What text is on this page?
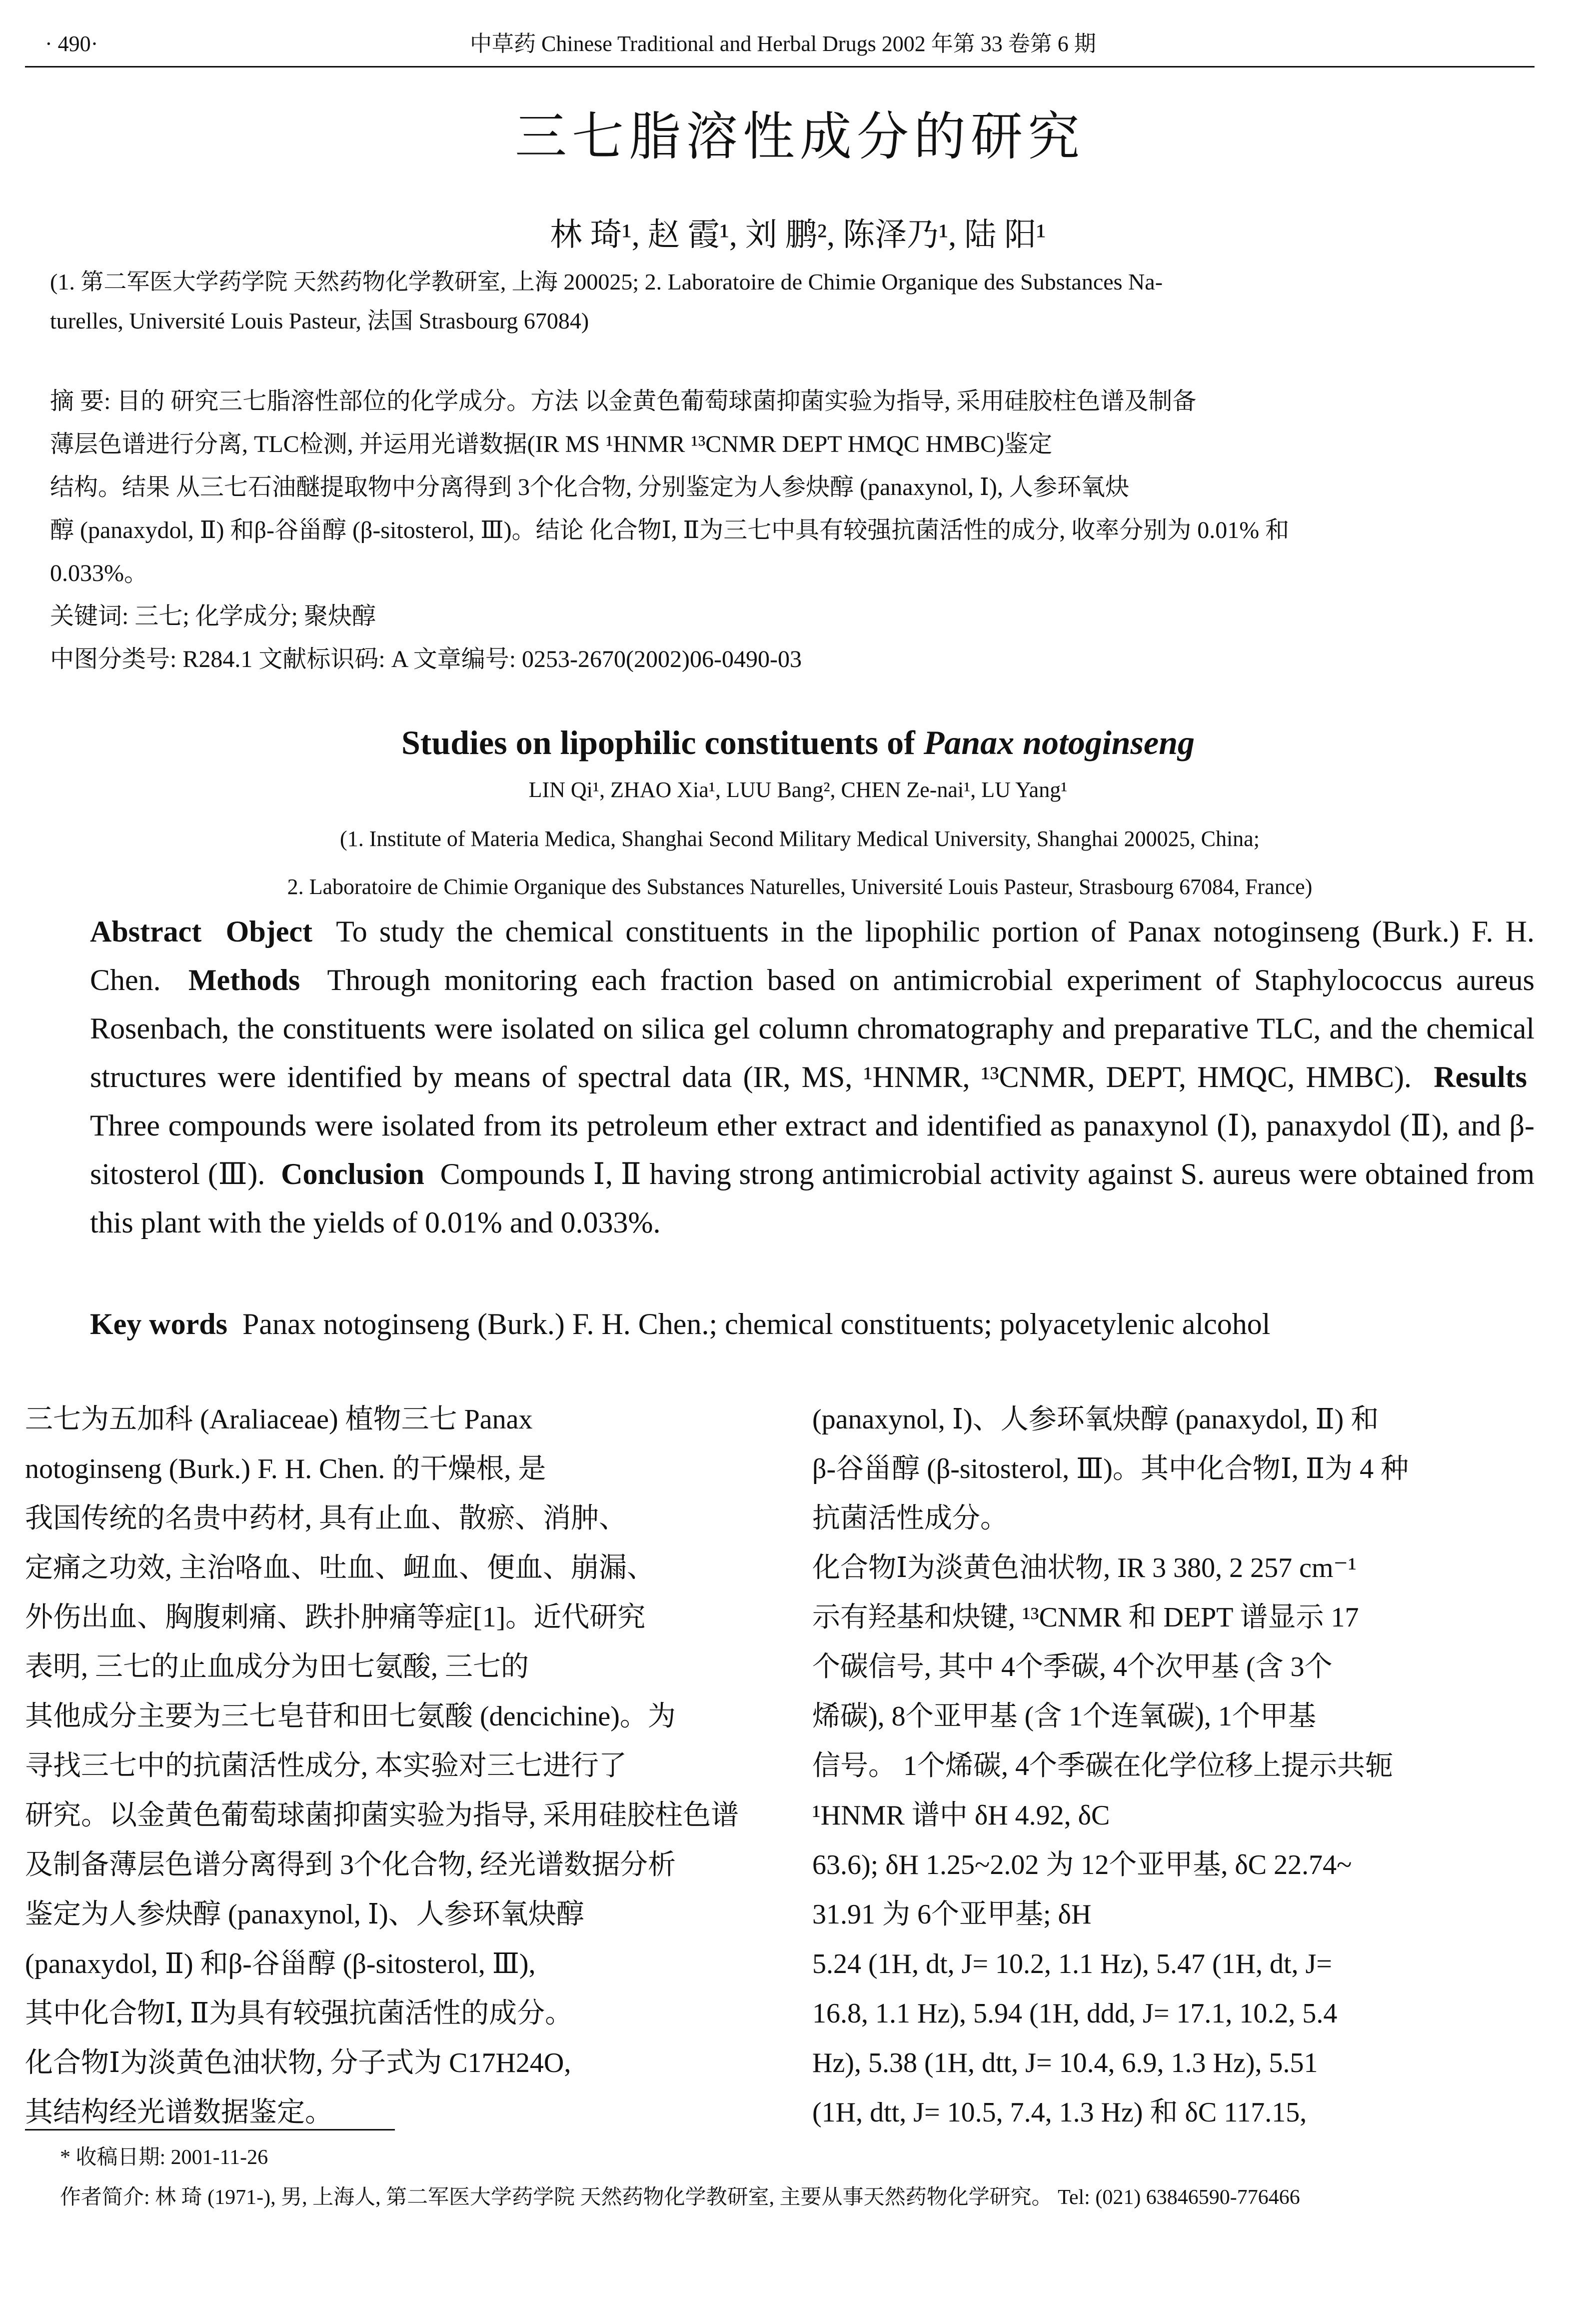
· 490·	中草药 Chinese Traditional and Herbal Drugs 2002 年第 33 卷第 6 期
三七脂溶性成分的研究
林 琦¹, 赵 霞¹, 刘 鹏², 陈泽乃¹, 陆 阳¹
(1. 第二军医大学药学院 天然药物化学教研室, 上海 200025; 2. Laboratoire de Chimie Organique des Substances Na-
turelles, Université Louis Pasteur, 法国 Strasbourg 67084)

摘 要: 目的 研究三七脂溶性部位的化学成分。方法 以金黄色葡萄球菌抑菌实验为指导, 采用硅胶柱色谱及制备

薄层色谱进行分离, TLC检测, 并运用光谱数据(IR MS ¹HNMR ¹³CNMR DEPT HMQC HMBC)鉴定

结构。结果 从三七石油醚提取物中分离得到 3个化合物, 分别鉴定为人参炔醇 (panaxynol, Ⅰ), 人参环氧炔

醇 (panaxydol, Ⅱ) 和β-谷甾醇 (β-sitosterol, Ⅲ)。结论 化合物Ⅰ, Ⅱ为三七中具有较强抗菌活性的成分, 收率分别为 0.01% 和

0.033%。

关键词: 三七; 化学成分; 聚炔醇

中图分类号: R284.1 文献标识码: A 文章编号: 0253-2670(2002)06-0490-03

Studies on lipophilic constituents of Panax notoginseng
LIN Qi¹, ZHAO Xia¹, LUU Bang², CHEN Ze-nai¹, LU Yang¹
(1. Institute of Materia Medica, Shanghai Second Military Medical University, Shanghai 200025, China;
2. Laboratoire de Chimie Organique des Substances Naturelles, Université Louis Pasteur, Strasbourg 67084, France)
Abstract Object To study the chemical constituents in the lipophilic portion of Panax notoginseng (Burk.) F. H. Chen. Methods Through monitoring each fraction based on antimicrobial experiment of Staphylococcus aureus Rosenbach, the constituents were isolated on silica gel column chromatography and preparative TLC, and the chemical structures were identified by means of spectral data (IR, MS, ¹HNMR, ¹³CNMR, DEPT, HMQC, HMBC). Results  Three compounds were isolated from its petroleum ether extract and identified as panaxynol (Ⅰ), panaxydol (Ⅱ), and β-sitosterol (Ⅲ). Conclusion Compounds Ⅰ, Ⅱ having strong antimicrobial activity against S. aureus were obtained from this plant with the yields of 0.01% and 0.033%.
Key words Panax notoginseng (Burk.) F. H. Chen.; chemical constituents; polyacetylenic alcohol

三七为五加科 (Araliaceae) 植物三七 Panax

notoginseng (Burk.) F. H. Chen. 的干燥根, 是

我国传统的名贵中药材, 具有止血、散瘀、消肿、

定痛之功效, 主治咯血、吐血、衄血、便血、崩漏、

外伤出血、胸腹刺痛、跌扑肿痛等症[1]。近代研究

表明, 三七的止血成分为田七氨酸, 三七的

其他成分主要为三七皂苷和田七氨酸 (dencichine)。为

寻找三七中的抗菌活性成分, 本实验对三七进行了

研究。以金黄色葡萄球菌抑菌实验为指导, 采用硅胶柱色谱

及制备薄层色谱分离得到 3个化合物, 经光谱数据分析

鉴定为人参炔醇 (panaxynol, Ⅰ)、人参环氧炔醇

(panaxydol, Ⅱ) 和β-谷甾醇 (β-sitosterol, Ⅲ),

其中化合物Ⅰ, Ⅱ为具有较强抗菌活性的成分。

化合物Ⅰ为淡黄色油状物, 分子式为 C17H24O,

其结构经光谱数据鉴定。

(panaxynol, Ⅰ)、人参环氧炔醇 (panaxydol, Ⅱ) 和

β-谷甾醇 (β-sitosterol, Ⅲ)。其中化合物Ⅰ, Ⅱ为 4 种

抗菌活性成分。

化合物Ⅰ为淡黄色油状物, IR 3 380, 2 257 cm⁻¹

示有羟基和炔键, ¹³CNMR 和 DEPT 谱显示 17

个碳信号, 其中 4个季碳, 4个次甲基 (含 3个

烯碳), 8个亚甲基 (含 1个连氧碳), 1个甲基

信号。 1个烯碳, 4个季碳在化学位移上提示共轭

¹HNMR 谱中 δH 4.92, δC

63.6); δH 1.25~2.02 为 12个亚甲基, δC 22.74~

31.91 为 6个亚甲基; δH

5.24 (1H, dt, J= 10.2, 1.1 Hz), 5.47 (1H, dt, J=

16.8, 1.1 Hz), 5.94 (1H, ddd, J= 17.1, 10.2, 5.4

Hz), 5.38 (1H, dtt, J= 10.4, 6.9, 1.3 Hz), 5.51

(1H, dtt, J= 10.5, 7.4, 1.3 Hz) 和 δC 117.15,

* 收稿日期: 2001-11-26
作者简介: 林 琦 (1971-), 男, 上海人, 第二军医大学药学院 天然药物化学教研室, 主要从事天然药物化学研究。 Tel: (021) 63846590-776466
